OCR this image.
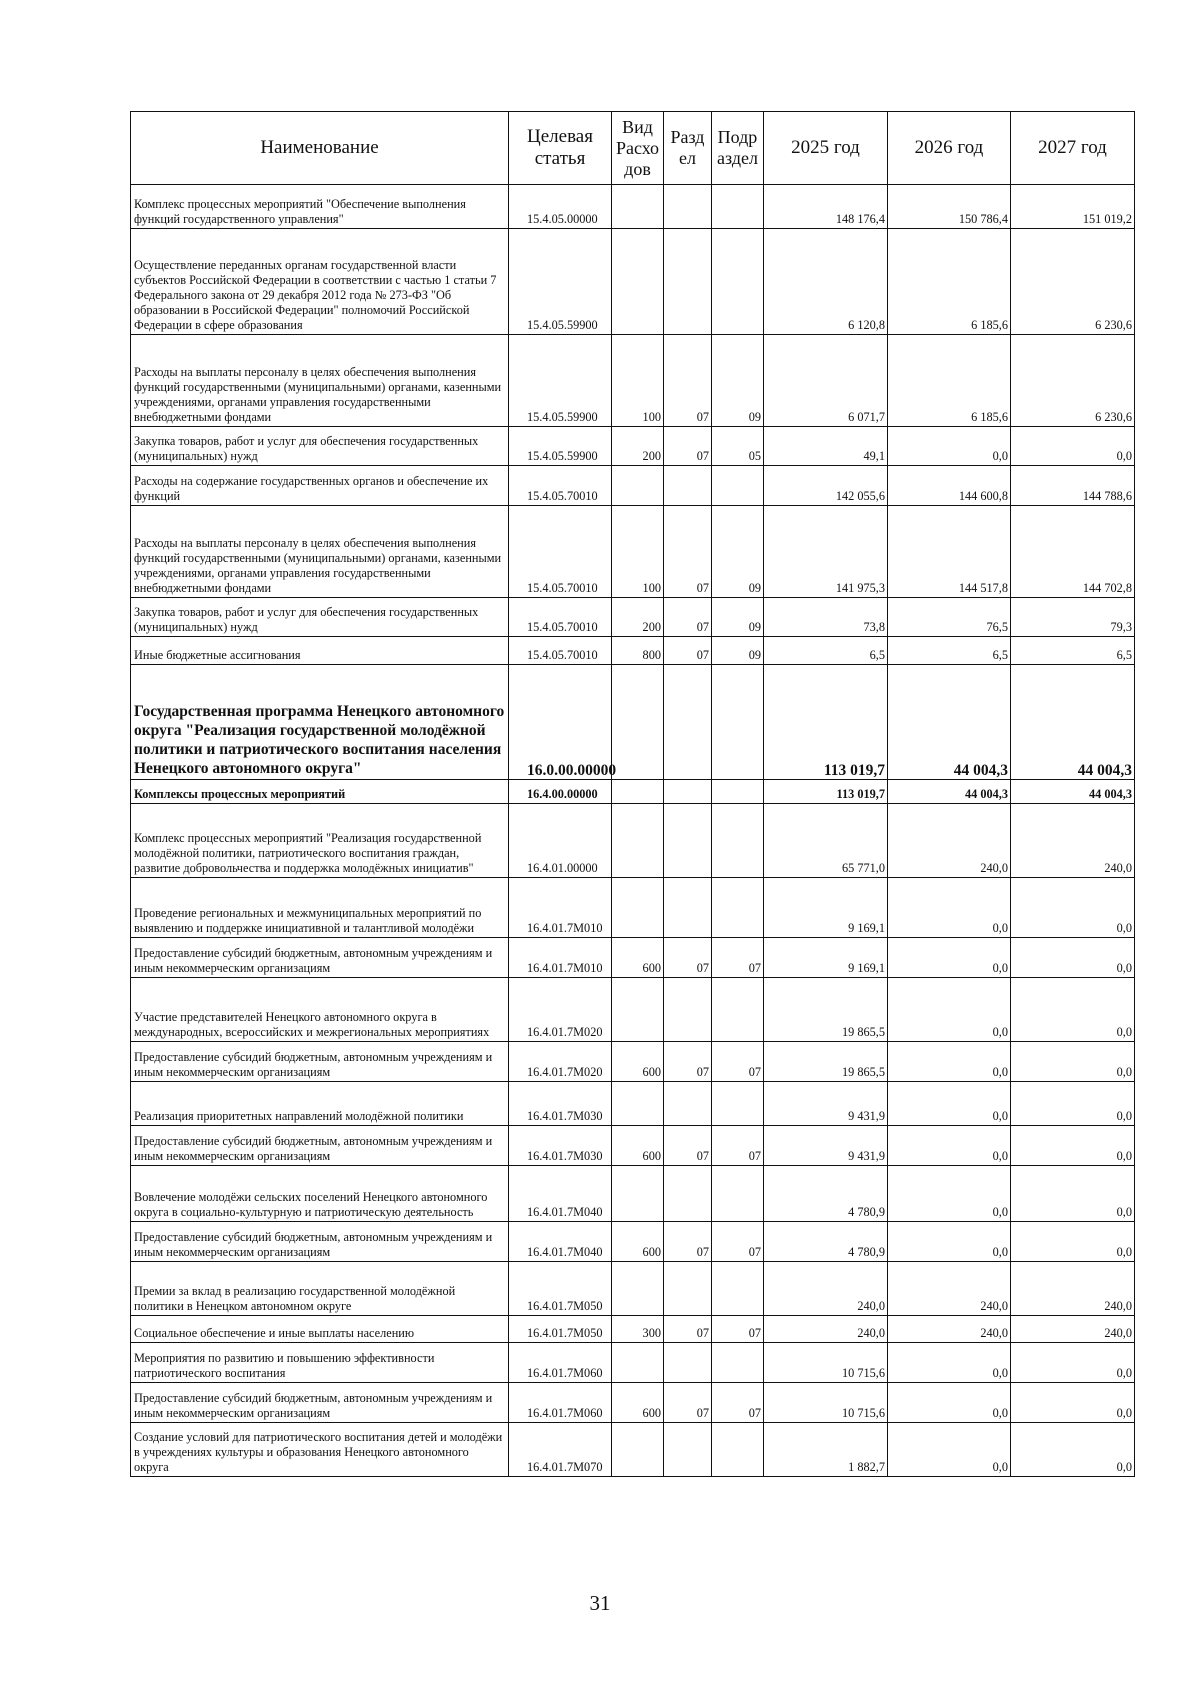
Наименование	Целевая статья	Вид Расхо дов	Разд ел	Подр аздел	2025 год	2026 год	2027 год
Комплекс процессных мероприятий "Обеспечение выполнения функций государственного управления"	15.4.05.00000				148 176,4	150 786,4	151 019,2
Осуществление переданных органам государственной власти субъектов Российской Федерации в соответствии с частью 1 статьи 7 Федерального закона от 29 декабря 2012 года № 273-ФЗ "Об образовании в Российской Федерации" полномочий Российской Федерации в сфере образования	15.4.05.59900				6 120,8	6 185,6	6 230,6
Расходы на выплаты персоналу в целях обеспечения выполнения функций государственными (муниципальными) органами, казенными учреждениями, органами управления государственными внебюджетными фондами	15.4.05.59900	100	07	09	6 071,7	6 185,6	6 230,6
Закупка товаров, работ и услуг для обеспечения государственных (муниципальных) нужд	15.4.05.59900	200	07	05	49,1	0,0	0,0
Расходы на содержание государственных органов и обеспечение их функций	15.4.05.70010				142 055,6	144 600,8	144 788,6
Расходы на выплаты персоналу в целях обеспечения выполнения функций государственными (муниципальными) органами, казенными учреждениями, органами управления государственными внебюджетными фондами	15.4.05.70010	100	07	09	141 975,3	144 517,8	144 702,8
Закупка товаров, работ и услуг для обеспечения государственных (муниципальных) нужд	15.4.05.70010	200	07	09	73,8	76,5	79,3
Иные бюджетные ассигнования	15.4.05.70010	800	07	09	6,5	6,5	6,5
Государственная программа Ненецкого автономного округа "Реализация государственной молодёжной политики и патриотического воспитания населения Ненецкого автономного округа"	16.0.00.00000				113 019,7	44 004,3	44 004,3
Комплексы процессных мероприятий	16.4.00.00000				113 019,7	44 004,3	44 004,3
Комплекс процессных мероприятий "Реализация государственной молодёжной политики, патриотического воспитания граждан, развитие добровольчества и поддержка молодёжных инициатив"	16.4.01.00000				65 771,0	240,0	240,0
Проведение региональных и межмуниципальных мероприятий по выявлению и поддержке инициативной и талантливой молодёжи	16.4.01.7М010				9 169,1	0,0	0,0
Предоставление субсидий бюджетным, автономным учреждениям и иным некоммерческим организациям	16.4.01.7М010	600	07	07	9 169,1	0,0	0,0
Участие представителей Ненецкого автономного округа в международных, всероссийских и межрегиональных мероприятиях	16.4.01.7М020				19 865,5	0,0	0,0
Предоставление субсидий бюджетным, автономным учреждениям и иным некоммерческим организациям	16.4.01.7М020	600	07	07	19 865,5	0,0	0,0
Реализация приоритетных направлений молодёжной политики	16.4.01.7М030				9 431,9	0,0	0,0
Предоставление субсидий бюджетным, автономным учреждениям и иным некоммерческим организациям	16.4.01.7М030	600	07	07	9 431,9	0,0	0,0
Вовлечение молодёжи сельских поселений Ненецкого автономного округа в социально-культурную и патриотическую деятельность	16.4.01.7М040				4 780,9	0,0	0,0
Предоставление субсидий бюджетным, автономным учреждениям и иным некоммерческим организациям	16.4.01.7М040	600	07	07	4 780,9	0,0	0,0
Премии за вклад в реализацию государственной молодёжной политики в Ненецком автономном округе	16.4.01.7М050				240,0	240,0	240,0
Социальное обеспечение и иные выплаты населению	16.4.01.7М050	300	07	07	240,0	240,0	240,0
Мероприятия по развитию и повышению эффективности патриотического воспитания	16.4.01.7М060				10 715,6	0,0	0,0
Предоставление субсидий бюджетным, автономным учреждениям и иным некоммерческим организациям	16.4.01.7М060	600	07	07	10 715,6	0,0	0,0
Создание условий для патриотического воспитания детей и молодёжи в учреждениях культуры и образования Ненецкого автономного округа	16.4.01.7М070				1 882,7	0,0	0,0
31
